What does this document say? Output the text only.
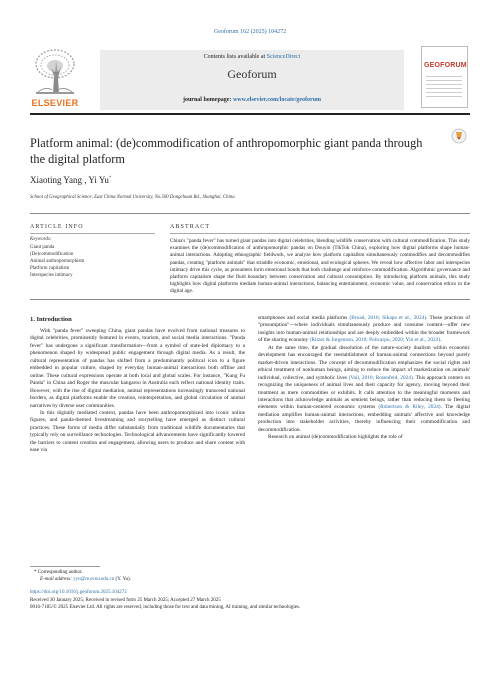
Geoforum 162 (2025) 104272
ELSEVIER
Contents lists available at ScienceDirect
Geoforum
journal homepage: www.elsevier.com/locate/geoforum
GEOFORUM
Platform animal: (de)commodification of anthropomorphic giant panda through the digital platform
Xiaoting Yang , Yi Yu*
School of Geographical Science, East China Normal University, No.500 Dongchuan Rd., Shanghai, China
ARTICLE INFO	ABSTRACT
Keywords:
Giant panda
(De)commodification
Animal anthropomorphism
Platform capitalism
Interspecies intimacy
China's "panda fever" has turned giant pandas into digital celebrities, blending wildlife conservation with cultural commodification. This study examines the (de)commodification of anthropomorphic pandas on Douyin (TikTok China), exploring how digital platforms shape human-animal interactions. Adopting ethnographic fieldwork, we analyze how platform capitalism simultaneously commodifies and decommodifies pandas, creating "platform animals" that straddle economic, emotional, and ecological spheres. We reveal how affective labor and interspecies intimacy drive this cycle, as prosumers form emotional bonds that both challenge and reinforce commodification. Algorithmic governance and platform capitalism shape the fluid boundary between conservation and cultural consumption. By introducing platform animals, this study highlights how digital platforms mediate human-animal interactions, balancing entertainment, economic value, and conservation ethics in the digital age.
1. Introduction

With "panda fever" sweeping China, giant pandas have evolved from national treasures to digital celebrities, prominently featured in events, tourism, and social media interactions. "Panda fever" has undergone a significant transformation—from a symbol of state-led diplomacy to a phenomenon shaped by widespread public engagement through digital media. As a result, the cultural representation of pandas has shifted from a predominantly political icon to a figure embedded in popular culture, shaped by everyday human-animal interactions both offline and online. These cultural expressions operate at both local and global scales. For instance, "Kung Fu Panda" in China and Roger the muscular kangaroo in Australia each reflect national identity traits. However, with the rise of digital mediation, animal representations increasingly transcend national borders, as digital platforms enable the creation, reinterpretation, and global circulation of animal narratives by diverse user communities.

In this digitally mediated context, pandas have been anthropomorphized into iconic online figures, and panda-themed livestreaming and storytelling have emerged as distinct cultural practices. These forms of media differ substantially from traditional wildlife documentaries that typically rely on surveillance technologies. Technological advancements have significantly lowered the barriers to content creation and engagement, allowing users to produce and share content with ease via

smartphones and social media platforms (Broad, 2016; Sikapa et al., 2024). These practices of "prosumption"—where individuals simultaneously produce and consume content—offer new insights into human-animal relationships and are deeply embedded within the broader framework of the sharing economy (Ritzer & Jurgenson, 2010; Policarpo, 2020; Yin et al., 2023).

At the same time, the gradual dissolution of the nature-society dualism within economic development has encouraged the reestablishment of human-animal connections beyond purely market-driven interactions. The concept of decommodification emphasizes the social rights and ethical treatment of nonhuman beings, aiming to reduce the impact of marketization on animals' individual, collective, and symbolic lives (Vail, 2010; Rosenfeld, 2024). This approach centers on recognizing the uniqueness of animal lives and their capacity for agency, moving beyond their treatment as mere commodities or exhibits. It calls attention to the meaningful moments and interactions that acknowledge animals as sentient beings, rather than reducing them to fleeting elements within human-centered economic systems (Robertson & Riley, 2024). The digital mediation amplifies human-animal interactions, embedding animals' affective and knowledge production into stakeholder activities, thereby influencing their commodification and decommodification.

Research on animal (de)commodification highlights the role of

* Corresponding author.
E-mail address: yyu@re.ecnu.edu.cn (Y. Yu).
https://doi.org/10.1016/j.geoforum.2025.104272
Received 30 January 2025; Received in revised form 25 March 2025; Accepted 27 March 2025
0016-7185/© 2025 Elsevier Ltd. All rights are reserved, including those for text and data mining, AI training, and similar technologies.
